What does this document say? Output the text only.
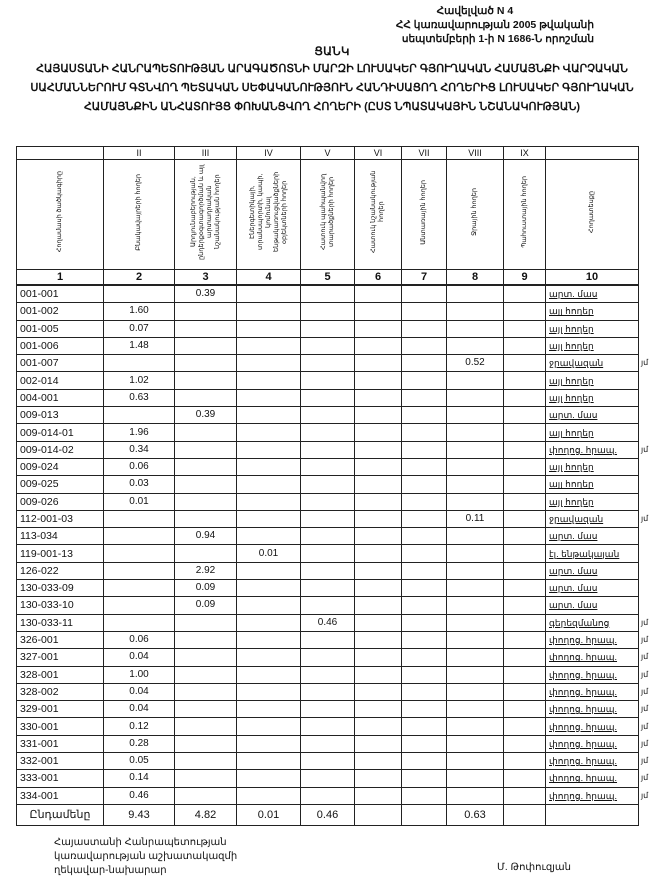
Հավելված N 4
ՀՀ կառավարության 2005 թվականի
սեպտեմբերի 1-ի N 1686-Ն որոշման
ՑԱՆԿ
ՀԱՅԱՍՏԱՆԻ ՀԱՆՐԱՊԵՏՈՒԹՅԱՆ ԱՐԱԳԱԾՈՏՆԻ ՄԱՐԶԻ ԼՈՒՍԱԿԵՐ ԳՅՈՒՂԱԿԱՆ ՀԱՄԱՅՆՔԻ ՎԱՐՉԱԿԱՆ ՍԱՀՄԱՆՆԵՐՈՒՄ ԳՏՆՎՈՂ ՊԵՏԱԿԱՆ ՍԵՓԱԿԱՆՈՒԹՅՈՒՆ ՀԱՆԴԻՍԱՑՈՂ ՀՈՂԵՐԻՑ ԼՈՒՍԱԿԵՐ ԳՅՈՒՂԱԿԱՆ ՀԱՄԱՅՆՔԻՆ ԱՆՀԱՏՈՒՅՑ ՓՈԽԱՆՑՎՈՂ ՀՈՂԵՐԻ (ԸՍՏ ՆՊԱՏԱԿԱՅԻՆ ՆՇԱՆԱԿՈՒԹՅԱՆ)
	II	III	IV	V	VI	VII	VIII	IX	
Հողամասի ծածկագիրը	Բնակավայրերի հողեր	Արդյունաբերության, ընդերքօգտագործման և այլ արտադրական նշանակության հողեր	Էներգետիկայի, տրանսպորտի, կապի, կոմունալ ենթակառուցվածքների օբյեկտների հողեր	Հատուկ պահպանվող տարածքների հողեր	Հատուկ նշանակության հողեր	Անտառային հողեր	Ջրային հողեր	Պահուստային հողեր	Հողատեսքը
1	2	3	4	5	6	7	8	9	10
001-001		0.39							արտ. մաս
001-002	1.60								այլ հողեր
001-005	0.07								այլ հողեր
001-006	1.48								այլ հողեր
001-007							0.52		ջրավազան
002-014	1.02								այլ հողեր
004-001	0.63								այլ հողեր
009-013		0.39							արտ. մաս
009-014-01	1.96								այլ հողեր
009-014-02	0.34								փողոց. հրապ.
009-024	0.06								այլ հողեր
009-025	0.03								այլ հողեր
009-026	0.01								այլ հողեր
112-001-03							0.11		ջրավազան
113-034		0.94							արտ. մաս
119-001-13			0.01						էլ. ենթակայան
126-022		2.92							արտ. մաս
130-033-09		0.09							արտ. մաս
130-033-10		0.09							արտ. մաս
130-033-11				0.46					գերեզմանոց
326-001	0.06								փողոց. հրապ.
327-001	0.04								փողոց. հրապ.
328-001	1.00								փողոց. հրապ.
328-002	0.04								փողոց. հրապ.
329-001	0.04								փողոց. հրապ.
330-001	0.12								փողոց. հրապ.
331-001	0.28								փողոց. հրապ.
332-001	0.05								փողոց. հրապ.
333-001	0.14								փողոց. հրապ.
334-001	0.46								փողոց. հրապ.
Ընդամենը	9.43	4.82	0.01	0.46			0.63		
Հայաստանի Հանրապետության
կառավարության աշխատակազմի
ղեկավար-նախարար	Մ. Թոփուզյան
յմ
յմ
յմ
յմ
յմ
յմ
յմ
յմ
յմ
յմ
յմ
յմ
յմ
յմ
